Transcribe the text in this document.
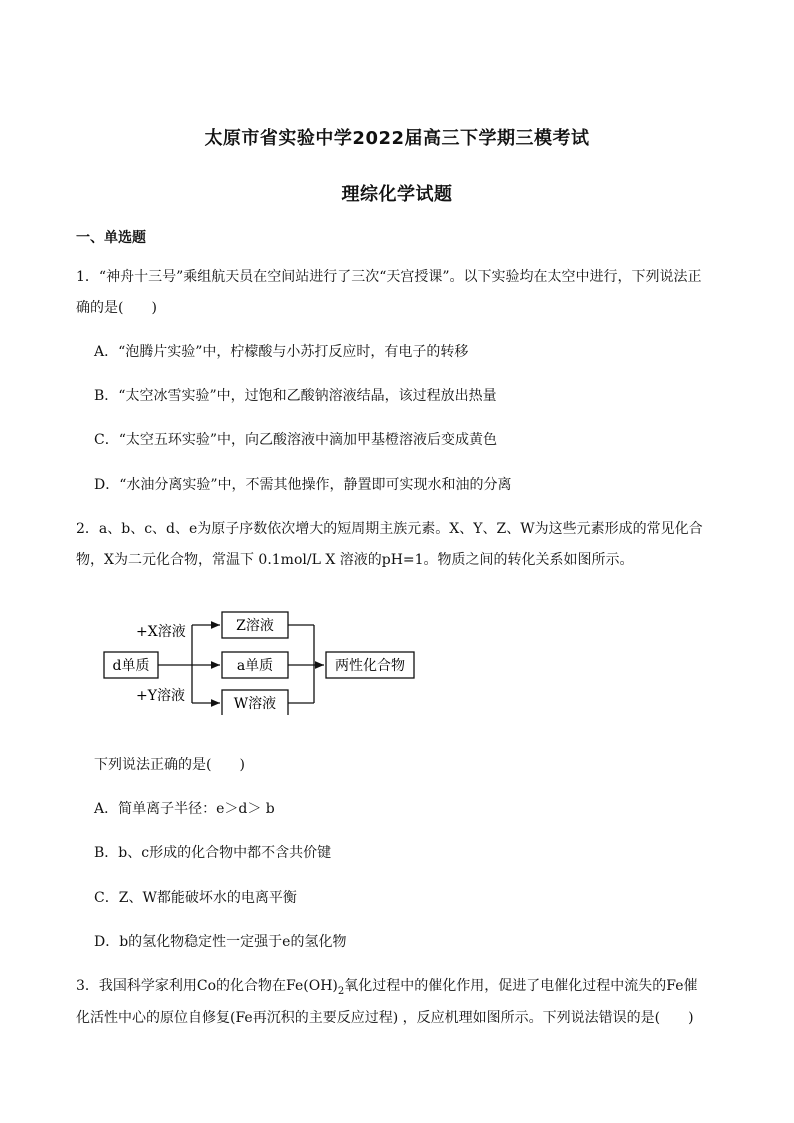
太原市省实验中学2022届高三下学期三模考试
理综化学试题
一、单选题
1．“神舟十三号”乘组航天员在空间站进行了三次“天宫授课”。以下实验均在太空中进行，下列说法正
确的是(　　)
A．“泡腾片实验”中，柠檬酸与小苏打反应时，有电子的转移
B．“太空冰雪实验”中，过饱和乙酸钠溶液结晶，该过程放出热量
C．“太空五环实验”中，向乙酸溶液中滴加甲基橙溶液后变成黄色
D．“水油分离实验”中，不需其他操作，静置即可实现水和油的分离
2．a、b、c、d、e为原子序数依次增大的短周期主族元素。X、Y、Z、W为这些元素形成的常见化合
物，X为二元化合物，常温下 0.1mol/L X 溶液的pH=1。物质之间的转化关系如图所示。
d单质
+X溶液
+Y溶液
Z溶液
a单质
W溶液
两性化合物
下列说法正确的是(　　)
A．简单离子半径：e＞d＞ b
B．b、c形成的化合物中都不含共价键
C．Z、W都能破坏水的电离平衡
D．b的氢化物稳定性一定强于e的氢化物
3．我国科学家利用Co的化合物在$Fe(OH)_2$氧化过程中的催化作用，促进了电催化过程中流失的Fe催
化活性中心的原位自修复(Fe再沉积的主要反应过程) ，反应机理如图所示。下列说法错误的是(　　)
